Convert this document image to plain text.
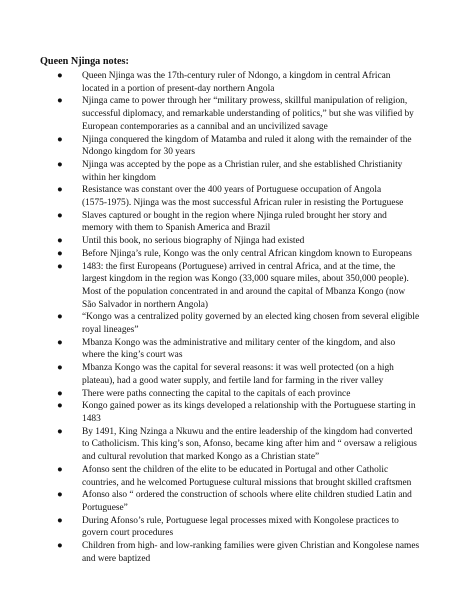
Queen Njinga notes:
● Queen Njinga was the 17th-century ruler of Ndongo, a kingdom in central African
located in a portion of present-day northern Angola
● Njinga came to power through her “military prowess, skillful manipulation of religion,
successful diplomacy, and remarkable understanding of politics,” but she was vilified by
European contemporaries as a cannibal and an uncivilized savage
● Njinga conquered the kingdom of Matamba and ruled it along with the remainder of the
Ndongo kingdom for 30 years
● Njinga was accepted by the pope as a Christian ruler, and she established Christianity
within her kingdom
● Resistance was constant over the 400 years of Portuguese occupation of Angola
(1575-1975). Njinga was the most successful African ruler in resisting the Portuguese
● Slaves captured or bought in the region where Njinga ruled brought her story and
memory with them to Spanish America and Brazil
● Until this book, no serious biography of Njinga had existed
● Before Njinga’s rule, Kongo was the only central African kingdom known to Europeans
● 1483: the first Europeans (Portuguese) arrived in central Africa, and at the time, the
largest kingdom in the region was Kongo (33,000 square miles, about 350,000 people).
Most of the population concentrated in and around the capital of Mbanza Kongo (now
São Salvador in northern Angola)
● “Kongo was a centralized polity governed by an elected king chosen from several eligible
royal lineages”
● Mbanza Kongo was the administrative and military center of the kingdom, and also
where the king’s court was
● Mbanza Kongo was the capital for several reasons: it was well protected (on a high
plateau), had a good water supply, and fertile land for farming in the river valley
● There were paths connecting the capital to the capitals of each province
● Kongo gained power as its kings developed a relationship with the Portuguese starting in
1483
● By 1491, King Nzinga a Nkuwu and the entire leadership of the kingdom had converted
to Catholicism. This king’s son, Afonso, became king after him and “ oversaw a religious
and cultural revolution that marked Kongo as a Christian state”
● Afonso sent the children of the elite to be educated in Portugal and other Catholic
countries, and he welcomed Portuguese cultural missions that brought skilled craftsmen
● Afonso also “ ordered the construction of schools where elite children studied Latin and
Portuguese”
● During Afonso’s rule, Portuguese legal processes mixed with Kongolese practices to
govern court procedures
● Children from high- and low-ranking families were given Christian and Kongolese names
and were baptized
